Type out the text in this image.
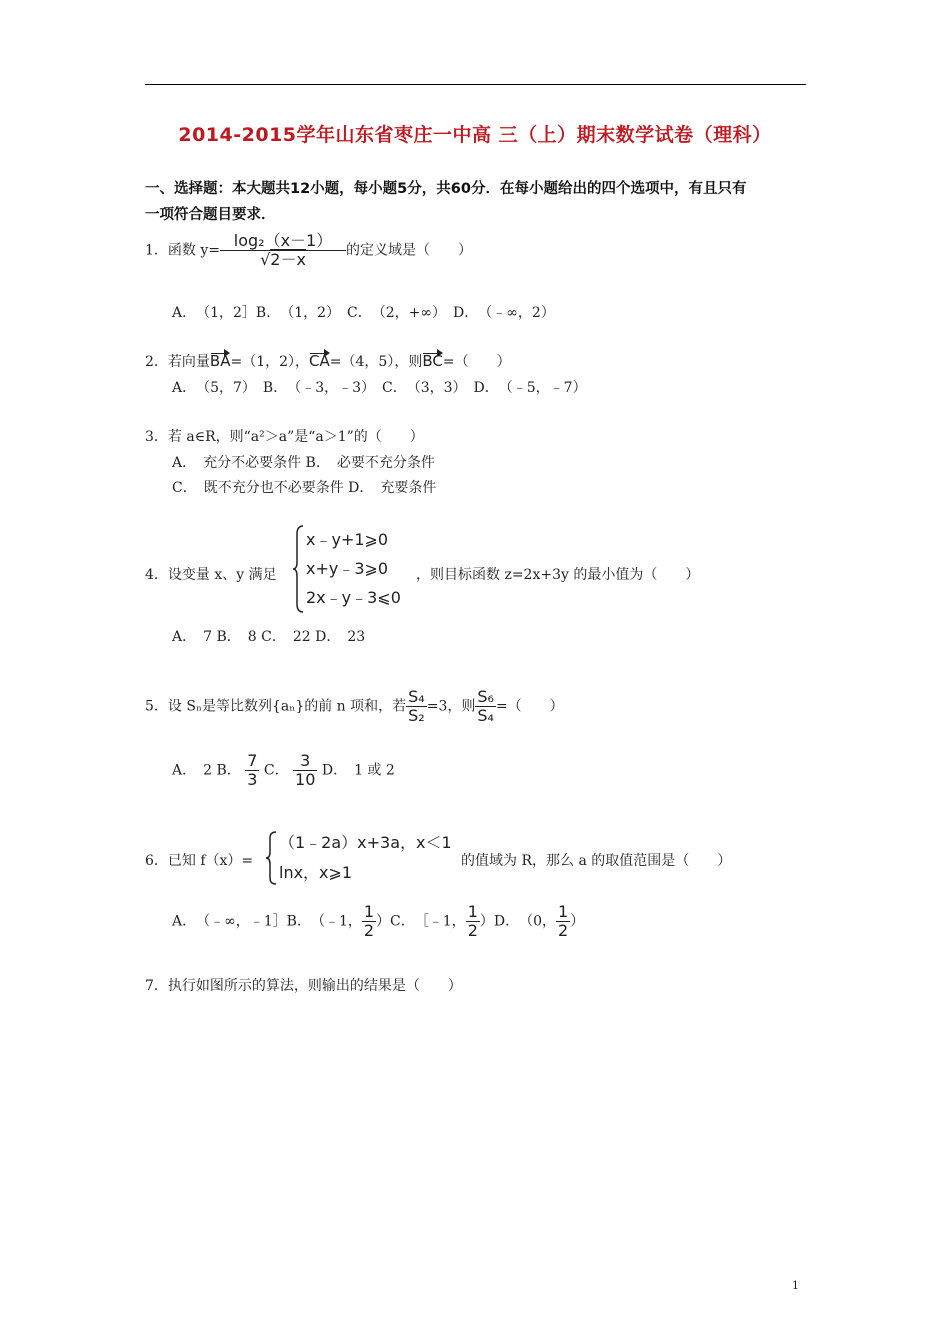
2014-2015学年山东省枣庄一中高 三（上）期末数学试卷（理科）
一、选择题：本大题共12小题，每小题5分，共60分．在每小题给出的四个选项中，有且只有
一项符合题目要求．
1．函数 $y= \frac{\text{log₂（x－1）}}{√2-x}$ 的定义域是（　　）
A．　（1，2］B．　（1，2）　C．　（2，+∞）　D．　（﹣∞，2）
2．若向量BA=（1，2），CA=（4，5），则BC=（　　）
A．　（5，7）　B．　（﹣3，﹣3）　C．　（3，3）　D．　（﹣5，﹣7）
3．若 a∈R，则“a²＞a”是“a＞1”的（　　）
A．　充分不必要条件 B．　必要不充分条件
C．　既不充分也不必要条件 D．　充要条件
4．设变量 x、y 满足
x﹣y+1⩾0
x+y﹣3⩾0
2x﹣y﹣3⩽0
，则目标函数 z=2x+3y 的最小值为（　　）
A．　7 B．　8 C．　22 D．　23
5．设 Sₙ是等比数列{aₙ}的前 n 项和，若 $\frac{\text{S₄}}{\text{S₂}} =3$，则 $\frac{\text{S₆}}{\text{S₄}}$ =（　　）
A．　2 B． $\frac{7}{3}$ C． $\frac{3}{10}$ D．　1 或 2
6．已知 f（x）=
（1﹣2a）x+3a，x＜1
lnx，x⩾1
的值域为 R，那么 a 的取值范围是（　　）
A．　（﹣∞，﹣1］B．　（﹣1， $\frac{1}{2} )C$．　［﹣1， $\frac{1}{2} )D$．　（0， $\frac{1}{2}$ ）
7．执行如图所示的算法，则输出的结果是（　　）
1
